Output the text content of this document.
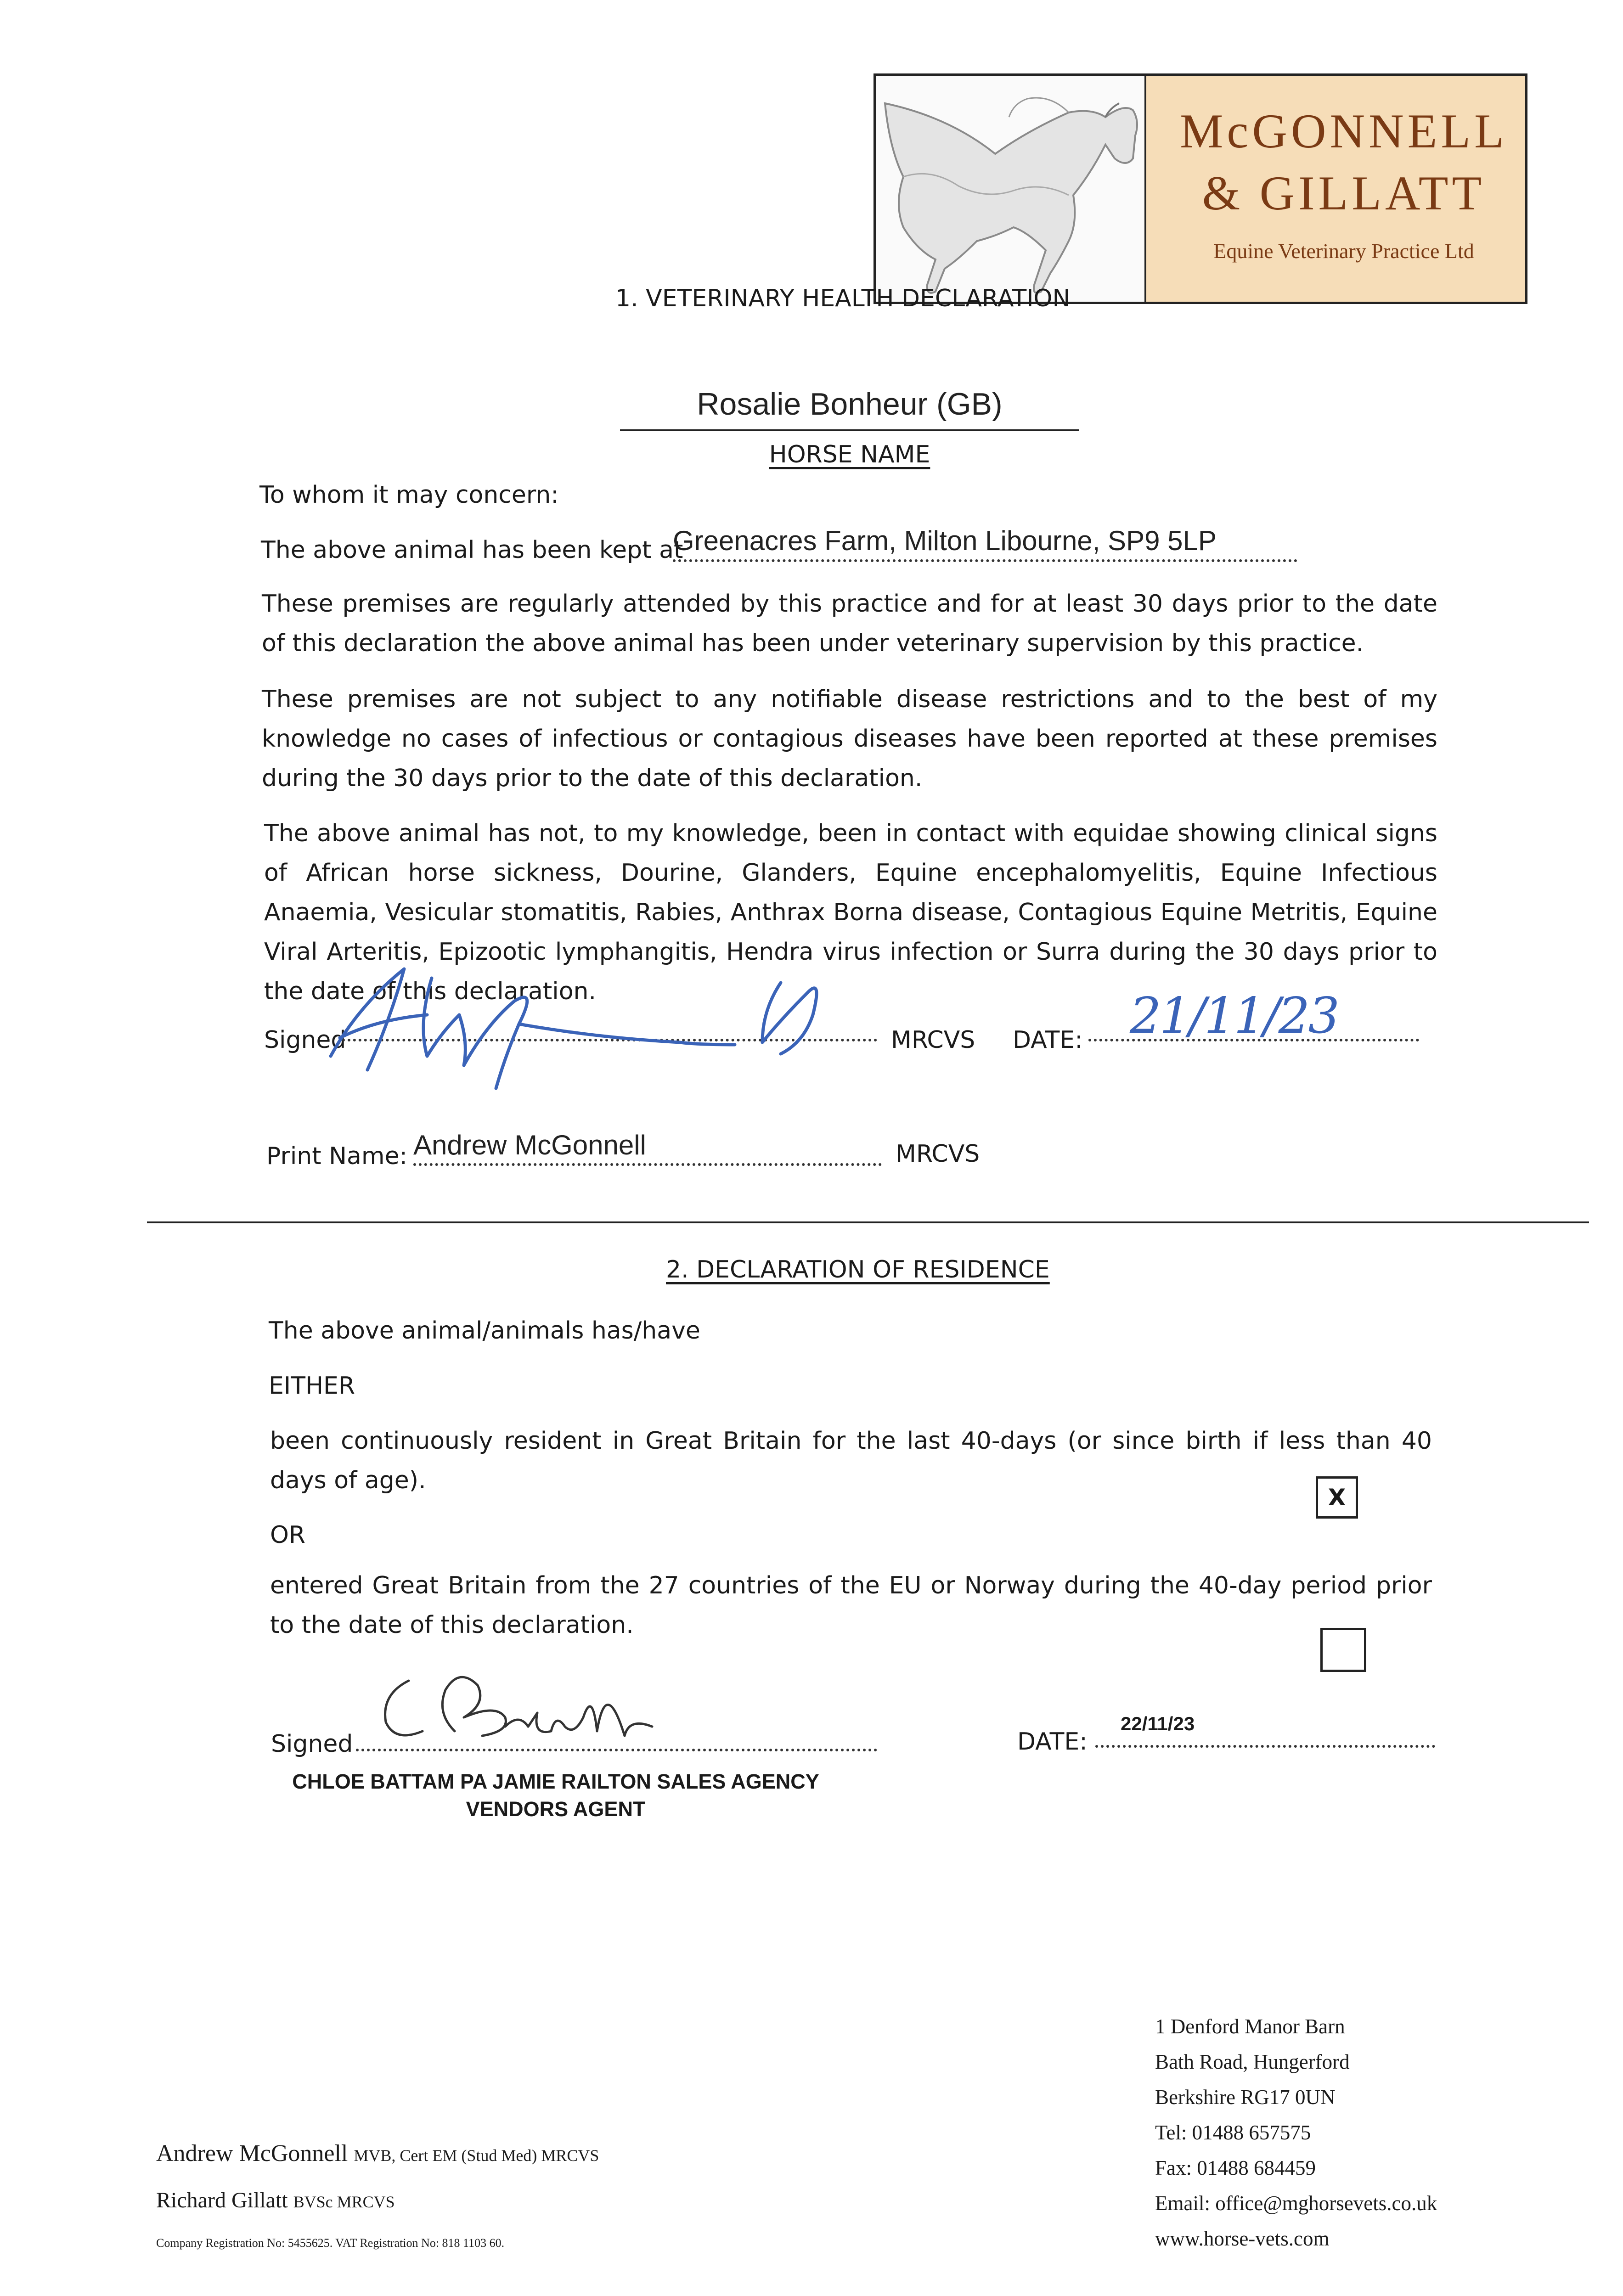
McGONNELL
& GILLATT
Equine Veterinary Practice Ltd
1. VETERINARY HEALTH DECLARATION
Rosalie Bonheur (GB)
HORSE NAME
To whom it may concern:
The above animal has been kept at
Greenacres Farm, Milton Libourne, SP9 5LP
These premises are regularly attended by this practice and for at least 30 days prior to the date of this declaration the above animal has been under veterinary supervision by this practice.
These premises are not subject to any notifiable disease restrictions and to the best of my knowledge no cases of infectious or contagious diseases have been reported at these premises during the 30 days prior to the date of this declaration.
The above animal has not, to my knowledge, been in contact with equidae showing clinical signs of African horse sickness, Dourine, Glanders, Equine encephalomyelitis, Equine Infectious Anaemia, Vesicular stomatitis, Rabies, Anthrax Borna disease, Contagious Equine Metritis, Equine Viral Arteritis, Epizootic lymphangitis, Hendra virus infection or Surra during the 30 days prior to the date of this declaration.
Signed	MRCVS DATE: 21/11/23
Print Name: Andrew McGonnell	MRCVS
2. DECLARATION OF RESIDENCE
The above animal/animals has/have
EITHER
been continuously resident in Great Britain for the last 40-days (or since birth if less than 40 days of age).
X
OR
entered Great Britain from the 27 countries of the EU or Norway during the 40-day period prior to the date of this declaration.
Signed	DATE:
22/11/23
CHLOE BATTAM PA JAMIE RAILTON SALES AGENCY
VENDORS AGENT
Andrew McGonnell MVB, Cert EM (Stud Med) MRCVS
Richard Gillatt BVSc MRCVS
Company Registration No: 5455625. VAT Registration No: 818 1103 60.
1 Denford Manor Barn
Bath Road, Hungerford
Berkshire RG17 0UN
Tel: 01488 657575
Fax: 01488 684459
Email: office@mghorsevets.co.uk
www.horse-vets.com
